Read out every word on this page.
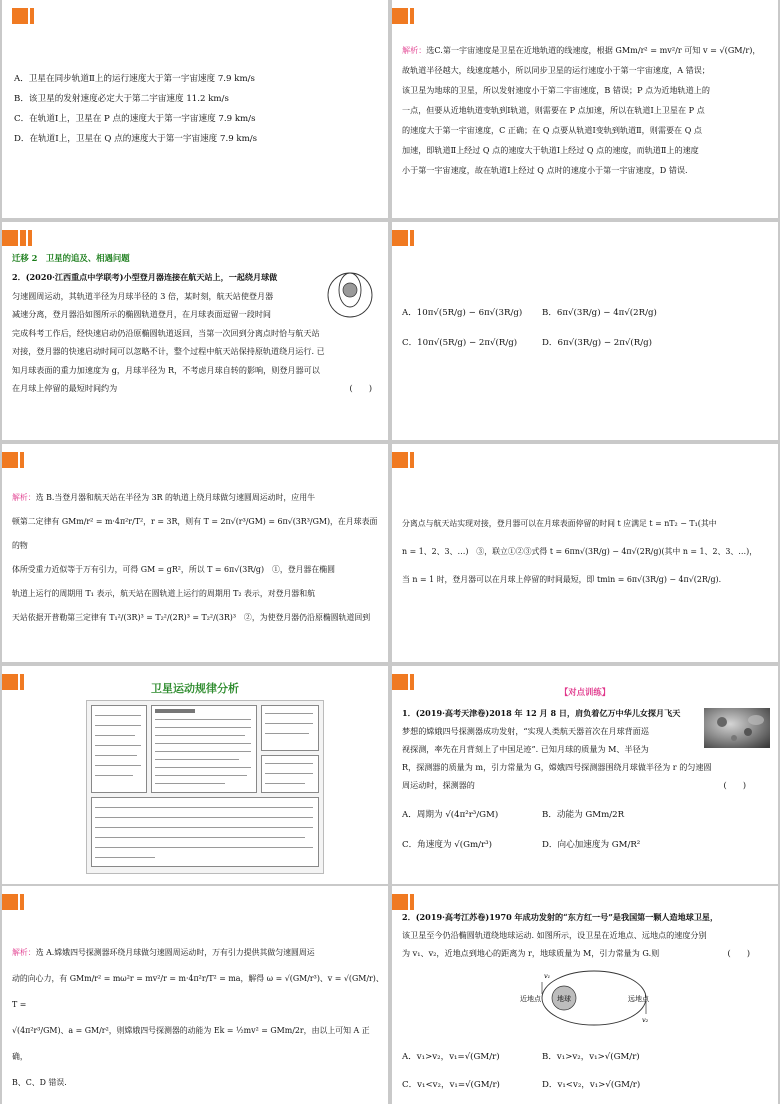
A．卫星在同步轨道Ⅱ上的运行速度大于第一宇宙速度 7.9 km/s
B．该卫星的发射速度必定大于第二宇宙速度 11.2 km/s
C．在轨道Ⅰ上，卫星在 P 点的速度大于第一宇宙速度 7.9 km/s
D．在轨道Ⅰ上，卫星在 Q 点的速度大于第一宇宙速度 7.9 km/s
解析：选C.第一宇宙速度是卫星在近地轨道的线速度，根据 GMm/r² = mv²/r 可知 v = √(GM/r)，
故轨道半径越大，线速度越小，所以同步卫星的运行速度小于第一宇宙速度，A 错误；
该卫星为地球的卫星，所以发射速度小于第二宇宙速度，B 错误；P 点为近地轨道上的
一点，但要从近地轨道变轨到Ⅰ轨道，则需要在 P 点加速，所以在轨道Ⅰ上卫星在 P 点
的速度大于第一宇宙速度，C 正确；在 Q 点要从轨道Ⅰ变轨到轨道Ⅱ，则需要在 Q 点
加速，即轨道Ⅱ上经过 Q 点的速度大于轨道Ⅰ上经过 Q 点的速度，而轨道Ⅱ上的速度
小于第一宇宙速度，故在轨道Ⅰ上经过 Q 点时的速度小于第一宇宙速度，D 错误.
迁移 2　卫星的追及、相遇问题
2．(2020·江西重点中学联考)小型登月器连接在航天站上，一起绕月球做
匀速圆周运动，其轨道半径为月球半径的 3 倍，某时刻，航天站使登月器
减速分离，登月器沿如图所示的椭圆轨道登月，在月球表面逗留一段时间
完成科考工作后，经快速启动仍沿原椭圆轨道返回，当第一次回到分离点时恰与航天站
对接，登月器的快速启动时间可以忽略不计，整个过程中航天站保持原轨道绕月运行. 已
知月球表面的重力加速度为 g，月球半径为 R，不考虑月球自转的影响，则登月器可以
在月球上停留的最短时间约为	(　　)
A．10π√(5R/g) − 6π√(3R/g) B．6π√(3R/g) − 4π√(2R/g)
C．10π√(5R/g) − 2π√(R/g)	D．6π√(3R/g) − 2π√(R/g)
解析：选 B.当登月器和航天站在半径为 3R 的轨道上绕月球做匀速圆周运动时，应用牛
顿第二定律有 GMm/r² = m·4π²r/T²，r = 3R，则有 T = 2π√(r³/GM) = 6π√(3R³/GM)，在月球表面的物
体所受重力近似等于万有引力，可得 GM = gR²，所以 T = 6π√(3R/g)　①，登月器在椭圆
轨道上运行的周期用 T₁ 表示，航天站在圆轨道上运行的周期用 T₂ 表示，对登月器和航
天站依据开普勒第三定律有 T₁²/(3R)³ = T₂²/(2R)³ = T₂²/(3R)³　②，为使登月器仍沿原椭圆轨道回到
分离点与航天站实现对接，登月器可以在月球表面停留的时间 t 应满足 t = nT₂ − T₁(其中
n = 1、2、3、…)　③，联立①②③式得 t = 6πn√(3R/g) − 4π√(2R/g)(其中 n = 1、2、3、…)，
当 n = 1 时，登月器可以在月球上停留的时间最短，即 tmin = 6π√(3R/g) − 4π√(2R/g).
卫星运动规律分析	【对点训练】
1．(2019·高考天津卷)2018 年 12 月 8 日，肩负着亿万中华儿女探月飞天
梦想的嫦娥四号探测器成功发射，“实现人类航天器首次在月球背面巡
视探测，率先在月背刻上了中国足迹”. 已知月球的质量为 M、半径为
R，探测器的质量为 m，引力常量为 G，嫦娥四号探测器围绕月球做半径为 r 的匀速圆
周运动时，探测器的	(　　)
A．周期为 √(4π²r³/GM)	B．动能为 GMm/2R
C．角速度为 √(Gm/r³)	D．向心加速度为 GM/R²
解析：选 A.嫦娥四号探测器环绕月球做匀速圆周运动时，万有引力提供其做匀速圆周运
动的向心力，有 GMm/r² = mω²r = mv²/r = m·4π²r/T² = ma，解得 ω = √(GM/r³)、v = √(GM/r)、T =
√(4π²r³/GM)、a = GM/r²，则嫦娥四号探测器的动能为 Ek = ½mv² = GMm/2r，由以上可知 A 正确，
B、C、D 错误.
2．(2019·高考江苏卷)1970 年成功发射的“东方红一号”是我国第一颗人造地球卫星，
该卫星至今仍沿椭圆轨道绕地球运动. 如图所示，设卫星在近地点、远地点的速度分别
为 v₁、v₂，近地点到地心的距离为 r，地球质量为 M，引力常量为 G.则	(　　)
地球
近地点	远地点
v₁
v₂
A．v₁>v₂，v₁=√(GM/r)	B．v₁>v₂，v₁>√(GM/r)
C．v₁<v₂，v₁=√(GM/r)	D．v₁<v₂，v₁>√(GM/r)
